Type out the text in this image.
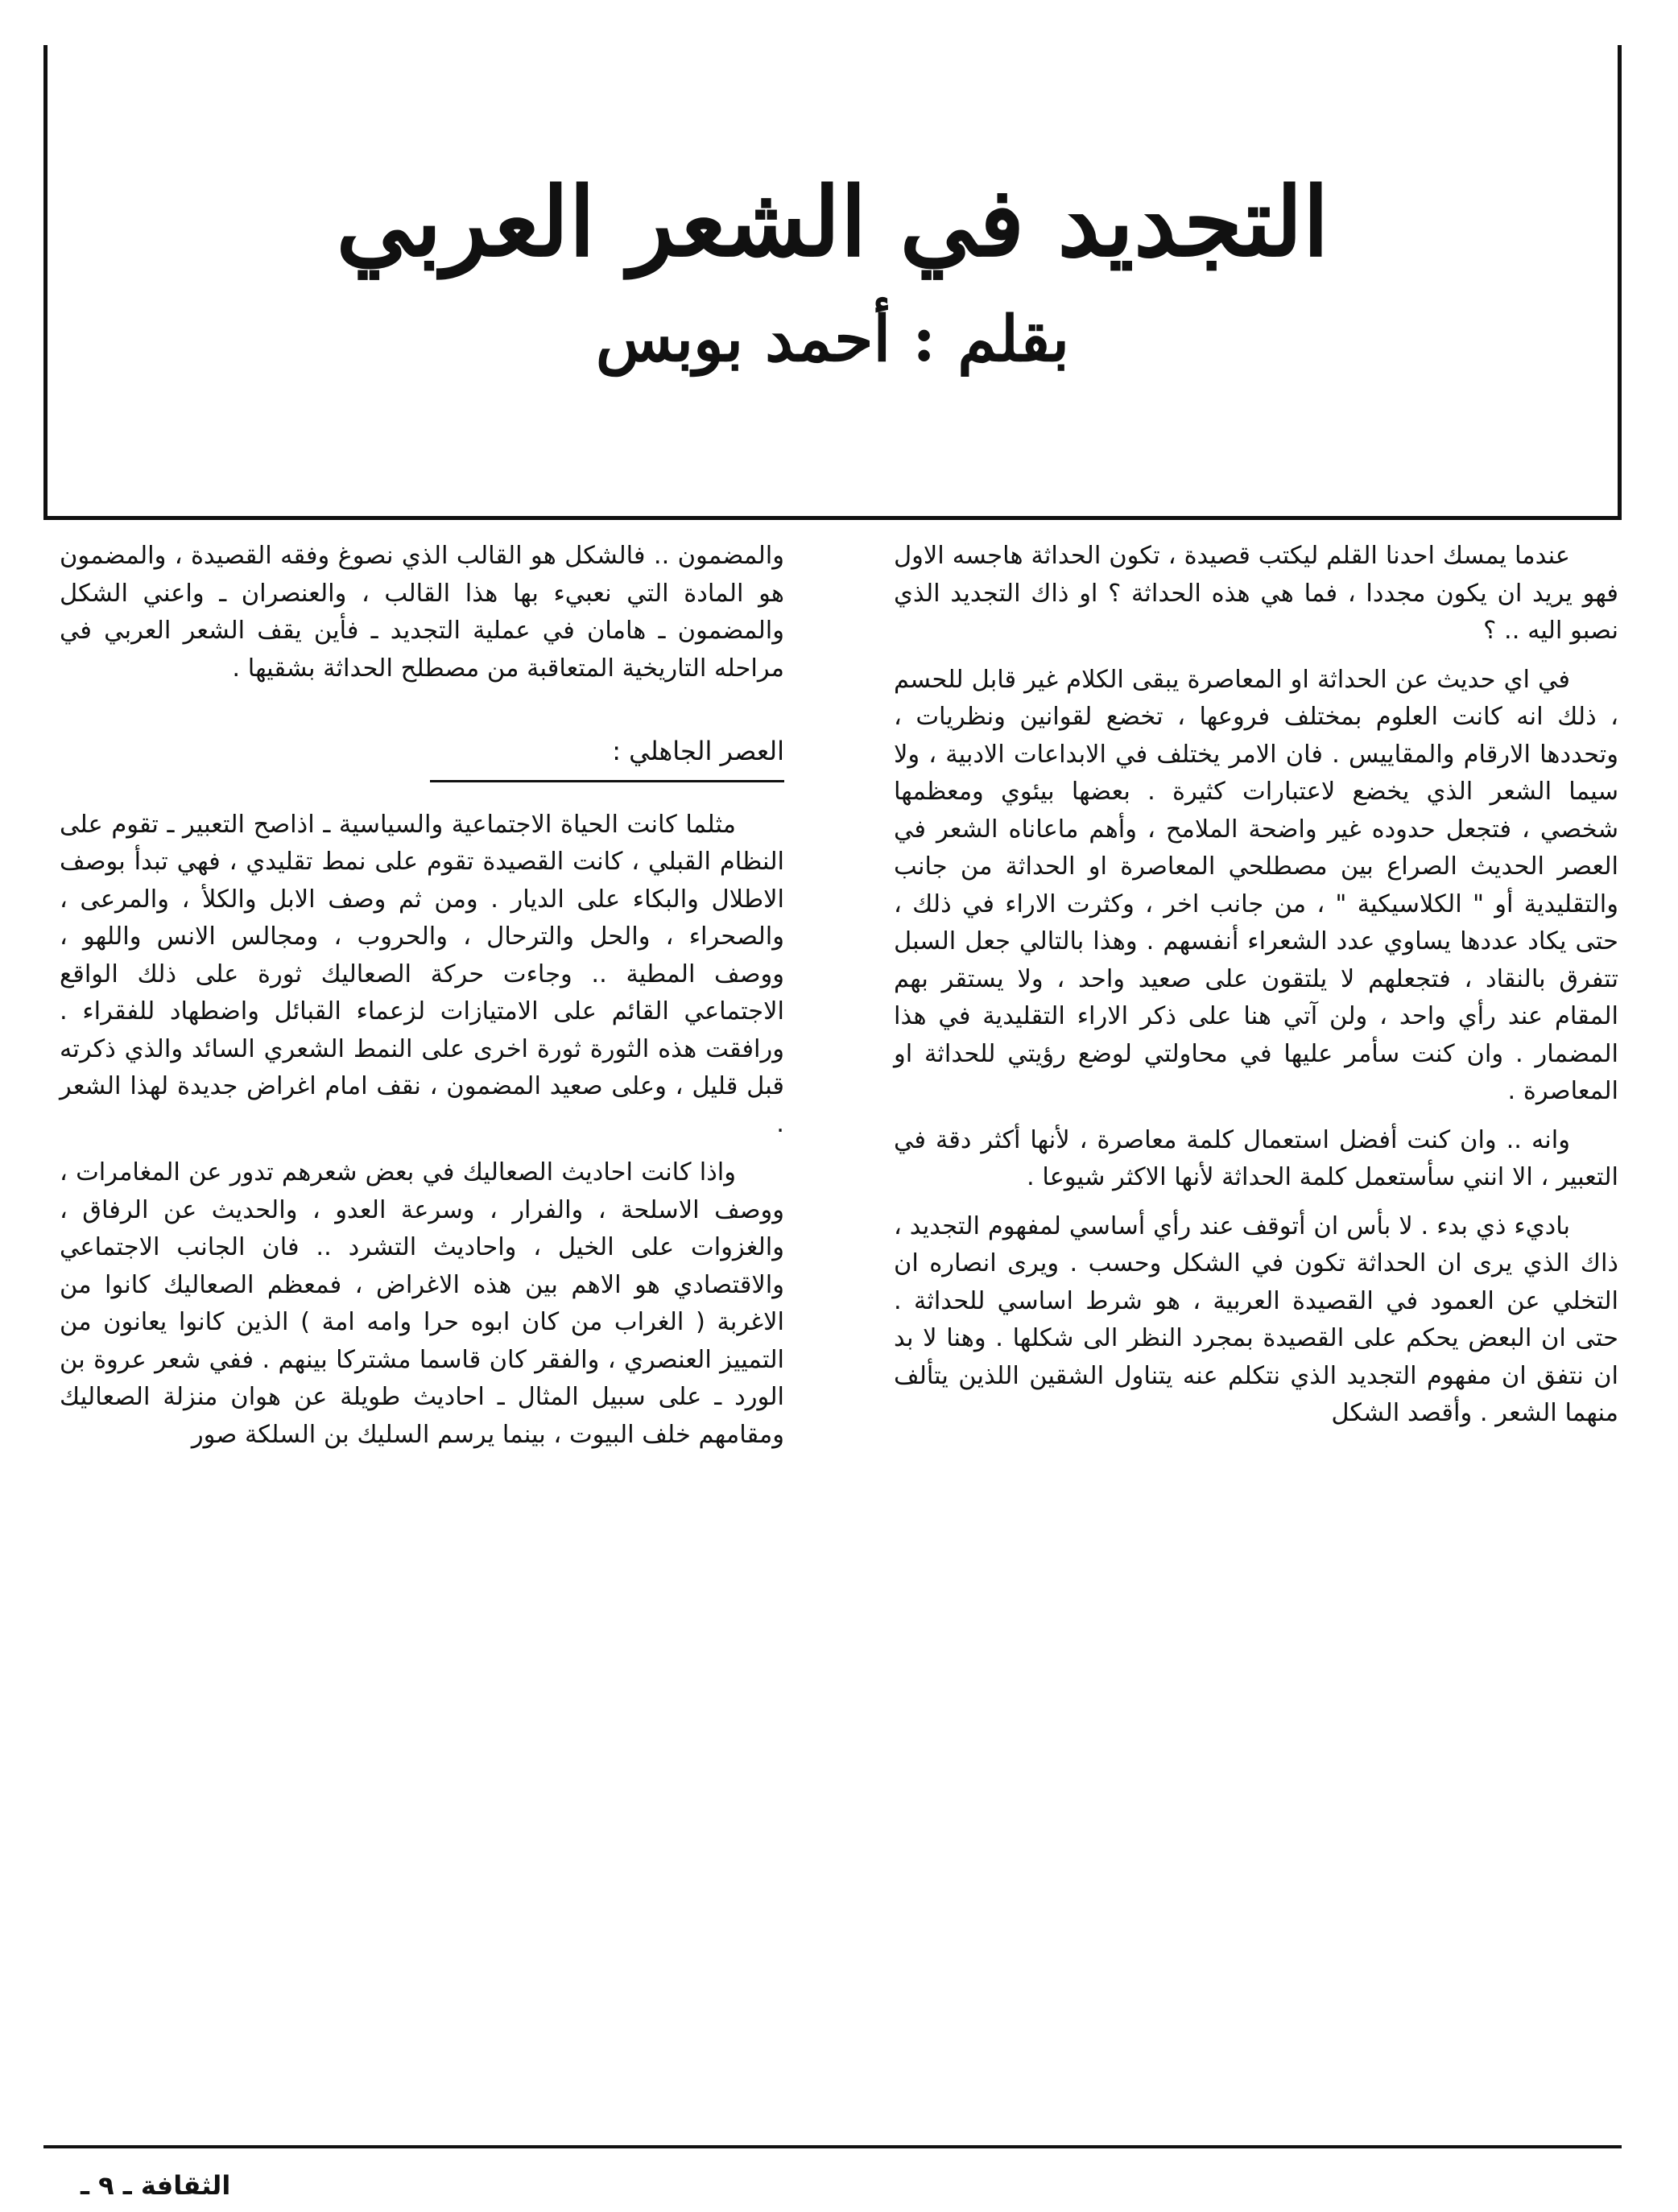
التجديد في الشعر العربي
بقلم : أحمد بوبس

عندما يمسك احدنا القلم ليكتب قصيدة ، تكون الحداثة هاجسه الاول فهو يريد ان يكون مجددا ، فما هي هذه الحداثة ؟ او ذاك التجديد الذي نصبو اليه .. ؟

في اي حديث عن الحداثة او المعاصرة يبقى الكلام غير قابل للحسم ، ذلك انه كانت العلوم بمختلف فروعها ، تخضع لقوانين ونظريات ، وتحددها الارقام والمقاييس . فان الامر يختلف في الابداعات الادبية ، ولا سيما الشعر الذي يخضع لاعتبارات كثيرة . بعضها بيئوي ومعظمها شخصي ، فتجعل حدوده غير واضحة الملامح ، وأهم ماعاناه الشعر في العصر الحديث الصراع بين مصطلحي المعاصرة او الحداثة من جانب والتقليدية أو " الكلاسيكية " ، من جانب اخر ، وكثرت الاراء في ذلك ، حتى يكاد عددها يساوي عدد الشعراء أنفسهم . وهذا بالتالي جعل السبل تتفرق بالنقاد ، فتجعلهم لا يلتقون على صعيد واحد ، ولا يستقر بهم المقام عند رأي واحد ، ولن آتي هنا على ذكر الاراء التقليدية في هذا المضمار . وان كنت سأمر عليها في محاولتي لوضع رؤيتي للحداثة او المعاصرة .

وانه .. وان كنت أفضل استعمال كلمة معاصرة ، لأنها أكثر دقة في التعبير ، الا انني سأستعمل كلمة الحداثة لأنها الاكثر شيوعا .

باديء ذي بدء . لا بأس ان أتوقف عند رأي أساسي لمفهوم التجديد ، ذاك الذي يرى ان الحداثة تكون في الشكل وحسب . ويرى انصاره ان التخلي عن العمود في القصيدة العربية ، هو شرط اساسي للحداثة . حتى ان البعض يحكم على القصيدة بمجرد النظر الى شكلها . وهنا لا بد ان نتفق ان مفهوم التجديد الذي نتكلم عنه يتناول الشقين اللذين يتألف منهما الشعر . وأقصد الشكل

والمضمون .. فالشكل هو القالب الذي نصوغ وفقه القصيدة ، والمضمون هو المادة التي نعبيء بها هذا القالب ، والعنصران ـ واعني الشكل والمضمون ـ هامان في عملية التجديد ـ فأين يقف الشعر العربي في مراحله التاريخية المتعاقبة من مصطلح الحداثة بشقيها .

العصر الجاهلي :

مثلما كانت الحياة الاجتماعية والسياسية ـ اذاصح التعبير ـ تقوم على النظام القبلي ، كانت القصيدة تقوم على نمط تقليدي ، فهي تبدأ بوصف الاطلال والبكاء على الديار . ومن ثم وصف الابل والكلأ ، والمرعى ، والصحراء ، والحل والترحال ، والحروب ، ومجالس الانس واللهو ، ووصف المطية .. وجاءت حركة الصعاليك ثورة على ذلك الواقع الاجتماعي القائم على الامتيازات لزعماء القبائل واضطهاد للفقراء . ورافقت هذه الثورة ثورة اخرى على النمط الشعري السائد والذي ذكرته قبل قليل ، وعلى صعيد المضمون ، نقف امام اغراض جديدة لهذا الشعر .

واذا كانت احاديث الصعاليك في بعض شعرهم تدور عن المغامرات ، ووصف الاسلحة ، والفرار ، وسرعة العدو ، والحديث عن الرفاق ، والغزوات على الخيل ، واحاديث التشرد .. فان الجانب الاجتماعي والاقتصادي هو الاهم بين هذه الاغراض ، فمعظم الصعاليك كانوا من الاغربة ( الغراب من كان ابوه حرا وامه امة ) الذين كانوا يعانون من التمييز العنصري ، والفقر كان قاسما مشتركا بينهم . ففي شعر عروة بن الورد ـ على سبيل المثال ـ احاديث طويلة عن هوان منزلة الصعاليك ومقامهم خلف البيوت ، بينما يرسم السليك بن السلكة صور

الثقافة ـ ٩ ـ
